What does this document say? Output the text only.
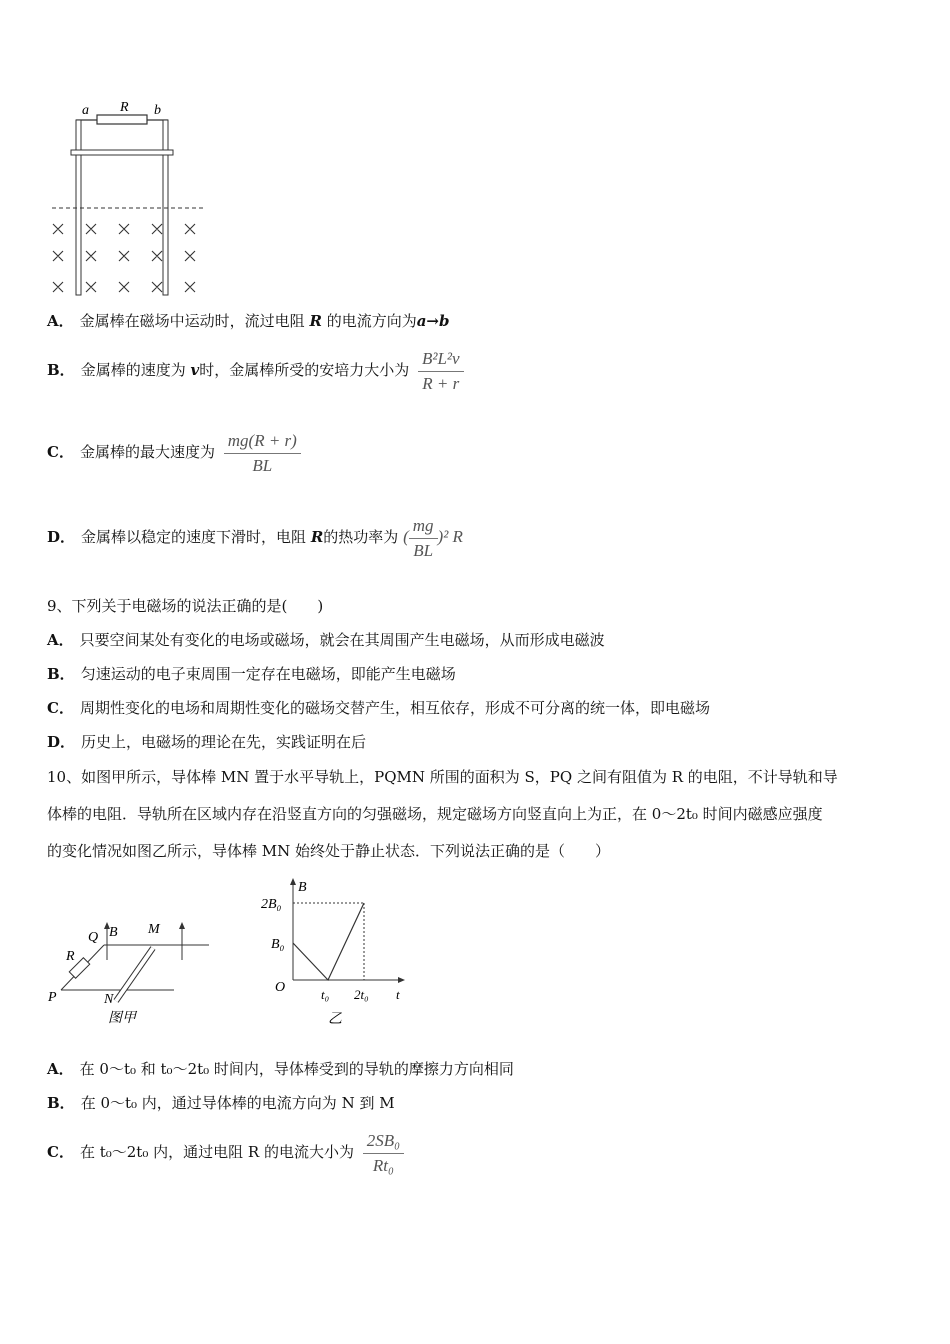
a R b
A． 金属棒在磁场中运动时，流过电阻 R 的电流方向为a→b
B． 金属棒的速度为 v时，金属棒所受的安培力大小为 $\frac{\text{B²L²v}}{R + r}$
C． 金属棒的最大速度为 $\frac{mg(R + r)}{BL}$
D． 金属棒以稳定的速度下滑时，电阻 R的热功率为 ( $\frac{mg}{BL} )^2$ R
9、下列关于电磁场的说法正确的是(　　)
A． 只要空间某处有变化的电场或磁场，就会在其周围产生电磁场，从而形成电磁波
B． 匀速运动的电子束周围一定存在电磁场，即能产生电磁场
C． 周期性变化的电场和周期性变化的磁场交替产生，相互依存，形成不可分离的统一体，即电磁场
D． 历史上，电磁场的理论在先，实践证明在后
10、如图甲所示，导体棒 MN 置于水平导轨上，PQMN 所围的面积为 S，PQ 之间有阻值为 R 的电阻，不计导轨和导
体棒的电阻．导轨所在区域内存在沿竖直方向的匀强磁场，规定磁场方向竖直向上为正，在 0～2t₀ 时间内磁感应强度
的变化情况如图乙所示，导体棒 MN 始终处于静止状态．下列说法正确的是（　　）
Q B M
R
P	N
图甲
B
2B₀
B₀
O	t₀ 2t₀ t
乙
A． 在 0～t₀ 和 t₀～2t₀ 时间内，导体棒受到的导轨的摩擦力方向相同
B． 在 0～t₀ 内，通过导体棒的电流方向为 N 到 M
C． 在 t₀～2t₀ 内，通过电阻 R 的电流大小为 $\frac{\text{2SB₀}}{\text{Rt₀}}$
